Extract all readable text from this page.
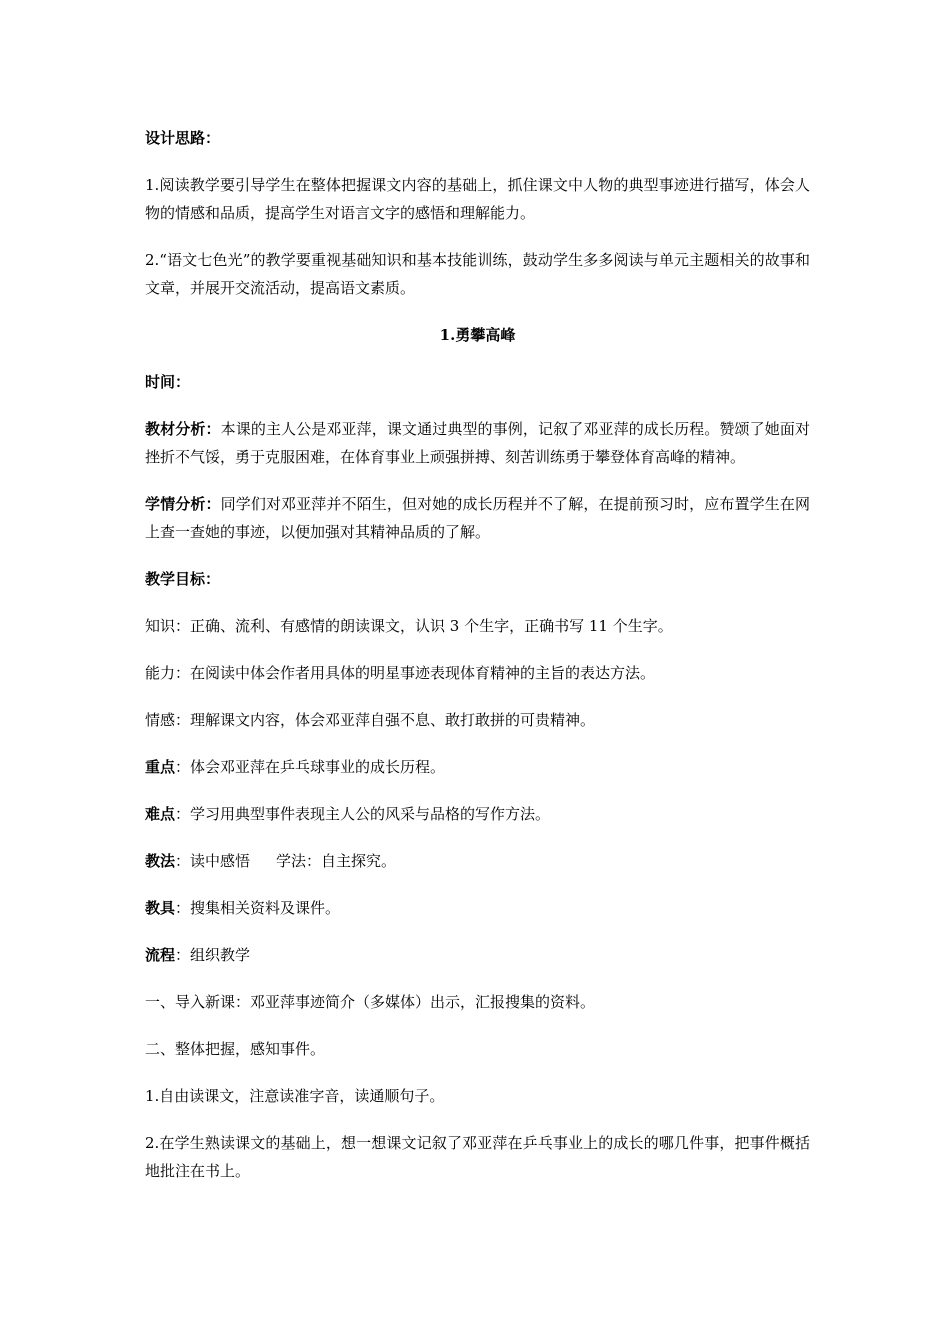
设计思路：

1.阅读教学要引导学生在整体把握课文内容的基础上，抓住课文中人物的典型事迹进行描写，体会人物的情感和品质，提高学生对语言文字的感悟和理解能力。

2.“语文七色光”的教学要重视基础知识和基本技能训练，鼓动学生多多阅读与单元主题相关的故事和文章，并展开交流活动，提高语文素质。

1.勇攀高峰

时间：

教材分析：本课的主人公是邓亚萍，课文通过典型的事例，记叙了邓亚萍的成长历程。赞颂了她面对挫折不气馁，勇于克服困难，在体育事业上顽强拼搏、刻苦训练勇于攀登体育高峰的精神。

学情分析：同学们对邓亚萍并不陌生，但对她的成长历程并不了解，在提前预习时，应布置学生在网上查一查她的事迹，以便加强对其精神品质的了解。

教学目标：

知识：正确、流利、有感情的朗读课文，认识 3 个生字，正确书写 11 个生字。

能力：在阅读中体会作者用具体的明星事迹表现体育精神的主旨的表达方法。

情感：理解课文内容，体会邓亚萍自强不息、敢打敢拼的可贵精神。

重点：体会邓亚萍在乒乓球事业的成长历程。

难点：学习用典型事件表现主人公的风采与品格的写作方法。

教法：读中感悟 学法：自主探究。

教具：搜集相关资料及课件。

流程：组织教学

一、导入新课：邓亚萍事迹简介（多媒体）出示，汇报搜集的资料。

二、整体把握，感知事件。

1.自由读课文，注意读准字音，读通顺句子。

2.在学生熟读课文的基础上，想一想课文记叙了邓亚萍在乒乓事业上的成长的哪几件事，把事件概括地批注在书上。
